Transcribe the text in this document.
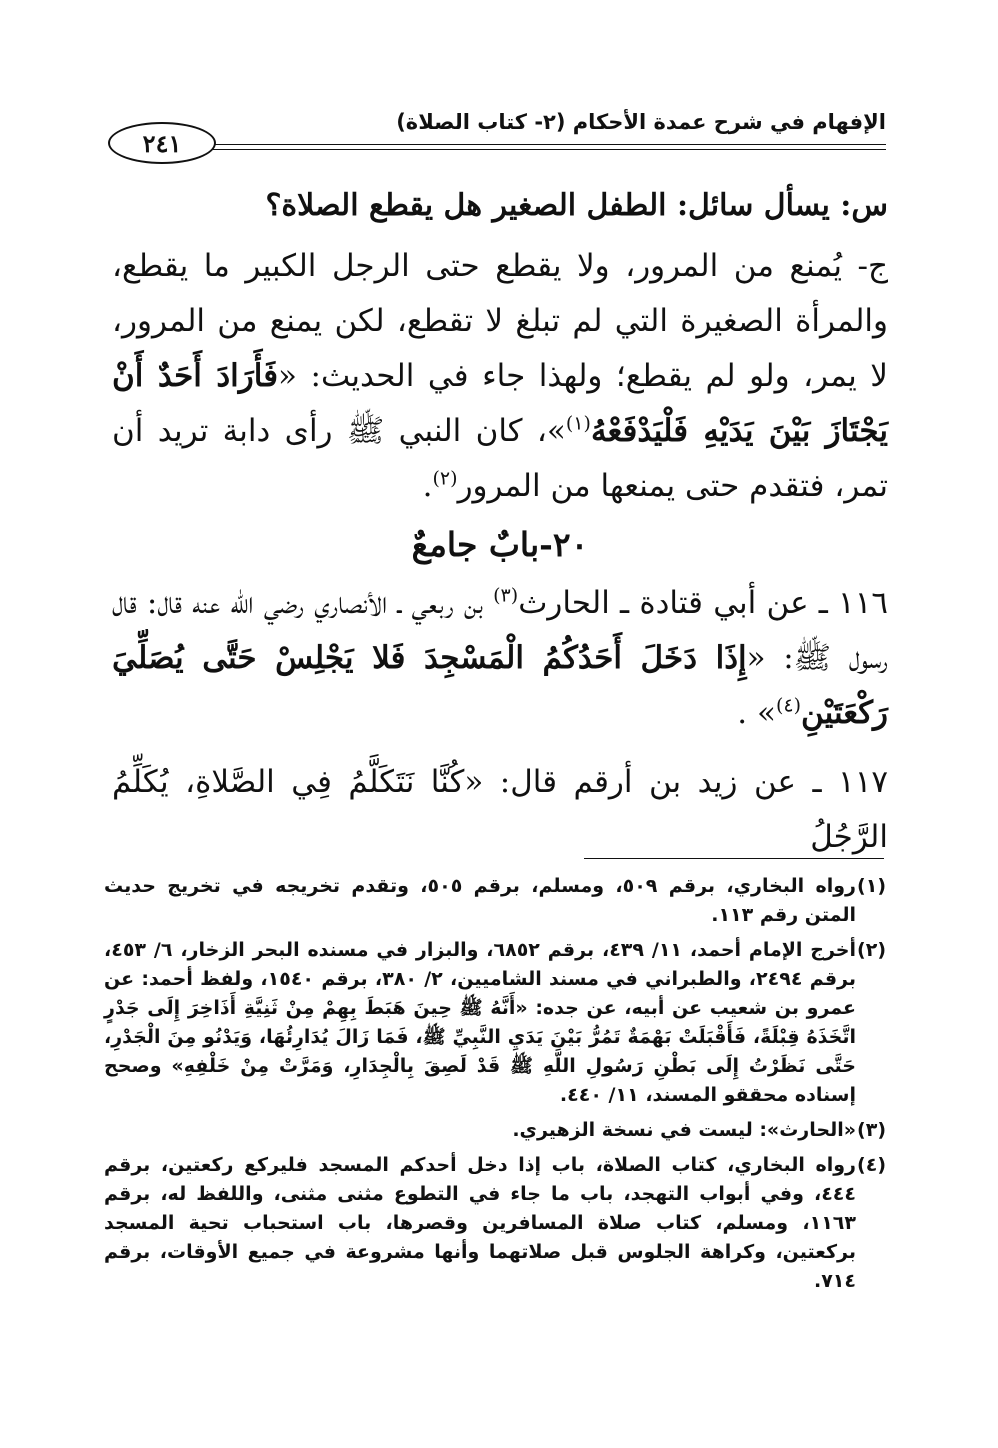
الإفهام في شرح عمدة الأحكام (٢- كتاب الصلاة)
٢٤١

س: يسأل سائل: الطفل الصغير هل يقطع الصلاة؟

ج- يُمنع من المرور، ولا يقطع حتى الرجل الكبير ما يقطع، والمرأة الصغيرة التي لم تبلغ لا تقطع، لكن يمنع من المرور، لا يمر، ولو لم يقطع؛ ولهذا جاء في الحديث: «فَأَرَادَ أَحَدٌ أَنْ يَجْتَازَ بَيْنَ يَدَيْهِ فَلْيَدْفَعْهُ$^{(١)}$»، كان النبي ﷺ رأى دابة تريد أن تمر، فتقدم حتى يمنعها من المرور$^{(٢)}$.

٢٠-بابٌ جامعٌ

١١٦ ـ عن أبي قتادة ـ الحارث$^{(٣)}$ بن ربعي ـ الأنصاري رضي الله عنه قال: قال رسول ﷺ: «إِذَا دَخَلَ أَحَدُكُمُ الْمَسْجِدَ فَلا يَجْلِسْ حَتَّى يُصَلِّيَ رَكْعَتَيْنِ$^{(٤)}$» .

١١٧ ـ عن زيد بن أرقم قال: «كُنَّا نَتَكَلَّمُ فِي الصَّلاةِ، يُكَلِّمُ الرَّجُلُ

(١)رواه البخاري، برقم ٥٠٩، ومسلم، برقم ٥٠٥، وتقدم تخريجه في تخريج حديث المتن رقم ١١٣.

(٢)أخرج الإمام أحمد، ١١/ ٤٣٩، برقم ٦٨٥٢، والبزار في مسنده البحر الزخار، ٦/ ٤٥٣، برقم ٢٤٩٤، والطبراني في مسند الشاميين، ٢/ ٣٨٠، برقم ١٥٤٠، ولفظ أحمد: عن عمرو بن شعيب عن أبيه، عن جده: «أَنَّهُ ﷺ حِينَ هَبَطَ بِهِمْ مِنْ ثَنِيَّةِ أَذَاخِرَ إِلَى جَدْرٍ اتَّخَذَهُ قِبْلَةً، فَأَقْبَلَتْ بَهْمَةٌ تَمُرُّ بَيْنَ يَدَيِ النَّبِيِّ ﷺ، فَمَا زَالَ يُدَارِئُهَا، وَيَدْنُو مِنَ الْجَدْرِ، حَتَّى نَظَرْتُ إِلَى بَطْنِ رَسُولِ اللَّهِ ﷺ قَدْ لَصِقَ بِالْجِدَارِ، وَمَرَّتْ مِنْ خَلْفِهِ» وصحح إسناده محققو المسند، ١١/ ٤٤٠.

(٣)«الحارث»: ليست في نسخة الزهيري.

(٤)رواه البخاري، كتاب الصلاة، باب إذا دخل أحدكم المسجد فليركع ركعتين، برقم ٤٤٤، وفي أبواب التهجد، باب ما جاء في التطوع مثنى مثنى، واللفظ له، برقم ١١٦٣، ومسلم، كتاب صلاة المسافرين وقصرها، باب استحباب تحية المسجد بركعتين، وكراهة الجلوس قبل صلاتهما وأنها مشروعة في جميع الأوقات، برقم ٧١٤.
